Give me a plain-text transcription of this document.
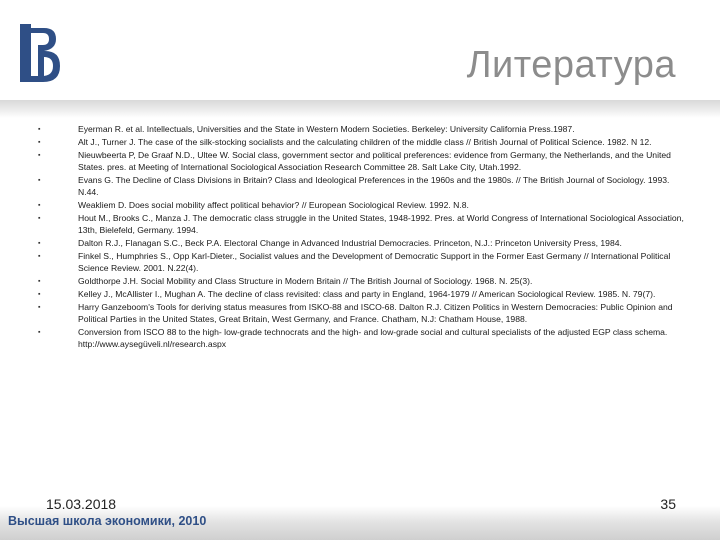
Литература
▪	Eyerman R. et al. Intellectuals, Universities and the State in Western Modern Societies. Berkeley: University California Press.1987.
▪	Alt J., Turner J. The case of the silk-stocking socialists and the calculating children of the middle class // British Journal of Political Science. 1982. N 12.
▪	Nieuwbeerta P, De Graaf N.D., Ultee W. Social class, government sector and political preferences: evidence from Germany, the Netherlands, and the United States. pres. at Meeting of International Sociological Association Research Committee 28. Salt Lake City, Utah.1992.
▪	Evans G. The Decline of Class Divisions in Britain? Class and Ideological Preferences in the 1960s and the 1980s. // The British Journal of Sociology. 1993. N.44.
▪	Weakliem D. Does social mobility affect political behavior? // European Sociological Review. 1992. N.8.
▪	Hout M., Brooks C., Manza J. The democratic class struggle in the United States, 1948-1992. Pres. at World Congress of International Sociological Association, 13th, Bielefeld, Germany. 1994.
▪	Dalton R.J., Flanagan S.C., Beck P.A. Electoral Change in Advanced Industrial Democracies. Princeton, N.J.: Princeton University Press, 1984.
▪	Finkel S., Humphries S., Opp Karl-Dieter., Socialist values and the Development of Democratic Support in the Former East Germany // International Political Science Review. 2001. N.22(4).
▪	Goldthorpe J.H. Social Mobility and Class Structure in Modern Britain // The British Journal of Sociology. 1968. N. 25(3).
▪	Kelley J., McAllister I., Mughan A. The decline of class revisited: class and party in England, 1964-1979 // American Sociological Review. 1985. N. 79(7).
▪	Harry Ganzeboom's Tools for deriving status measures from ISKO-88 and ISCO-68. Dalton R.J. Citizen Politics in Western Democracies: Public Opinion and Political Parties in the United States, Great Britain, West Germany, and France. Chatham, N.J: Chatham House, 1988.
▪	Conversion from ISCO 88 to the high- low-grade technocrats and the high- and low-grade social and cultural specialists of the adjusted EGP class schema. http://www.aysegüveli.nl/research.aspx
15.03.2018	35
Высшая школа экономики, 2010
